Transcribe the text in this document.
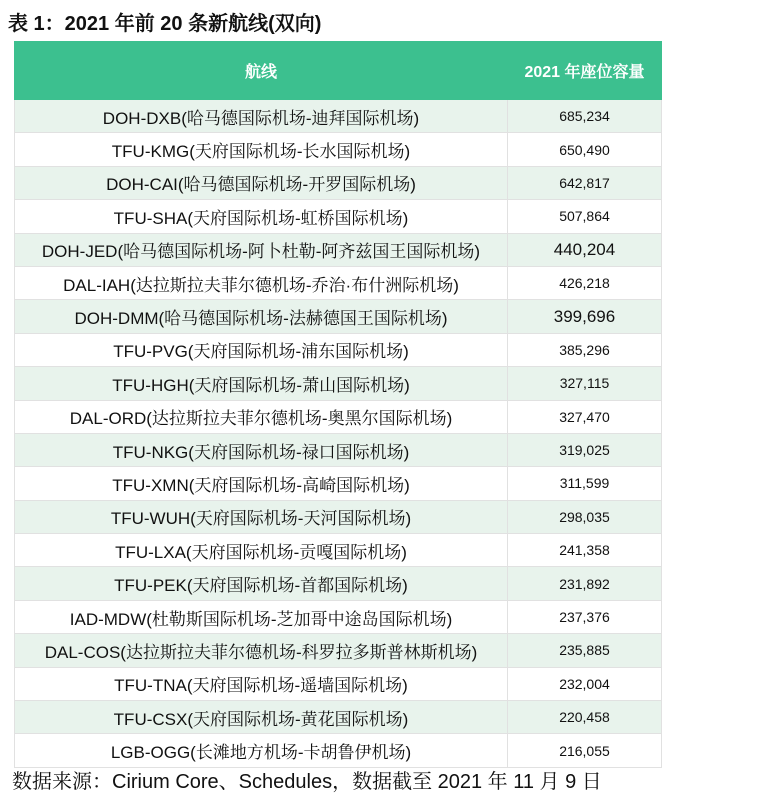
表 1：2021 年前 20 条新航线(双向)
航线	2021 年座位容量
DOH-DXB(哈马德国际机场-迪拜国际机场)	685,234
TFU-KMG(天府国际机场-长水国际机场)	650,490
DOH-CAI(哈马德国际机场-开罗国际机场)	642,817
TFU-SHA(天府国际机场-虹桥国际机场)	507,864
DOH-JED(哈马德国际机场-阿卜杜勒-阿齐兹国王国际机场)	440,204
DAL-IAH(达拉斯拉夫菲尔德机场-乔治·布什洲际机场)	426,218
DOH-DMM(哈马德国际机场-法赫德国王国际机场)	399,696
TFU-PVG(天府国际机场-浦东国际机场)	385,296
TFU-HGH(天府国际机场-萧山国际机场)	327,115
DAL-ORD(达拉斯拉夫菲尔德机场-奥黑尔国际机场)	327,470
TFU-NKG(天府国际机场-禄口国际机场)	319,025
TFU-XMN(天府国际机场-高崎国际机场)	311,599
TFU-WUH(天府国际机场-天河国际机场)	298,035
TFU-LXA(天府国际机场-贡嘎国际机场)	241,358
TFU-PEK(天府国际机场-首都国际机场)	231,892
IAD-MDW(杜勒斯国际机场-芝加哥中途岛国际机场)	237,376
DAL-COS(达拉斯拉夫菲尔德机场-科罗拉多斯普林斯机场)	235,885
TFU-TNA(天府国际机场-遥墙国际机场)	232,004
TFU-CSX(天府国际机场-黄花国际机场)	220,458
LGB-OGG(长滩地方机场-卡胡鲁伊机场)	216,055
数据来源：Cirium Core、Schedules，数据截至 2021 年 11 月 9 日
